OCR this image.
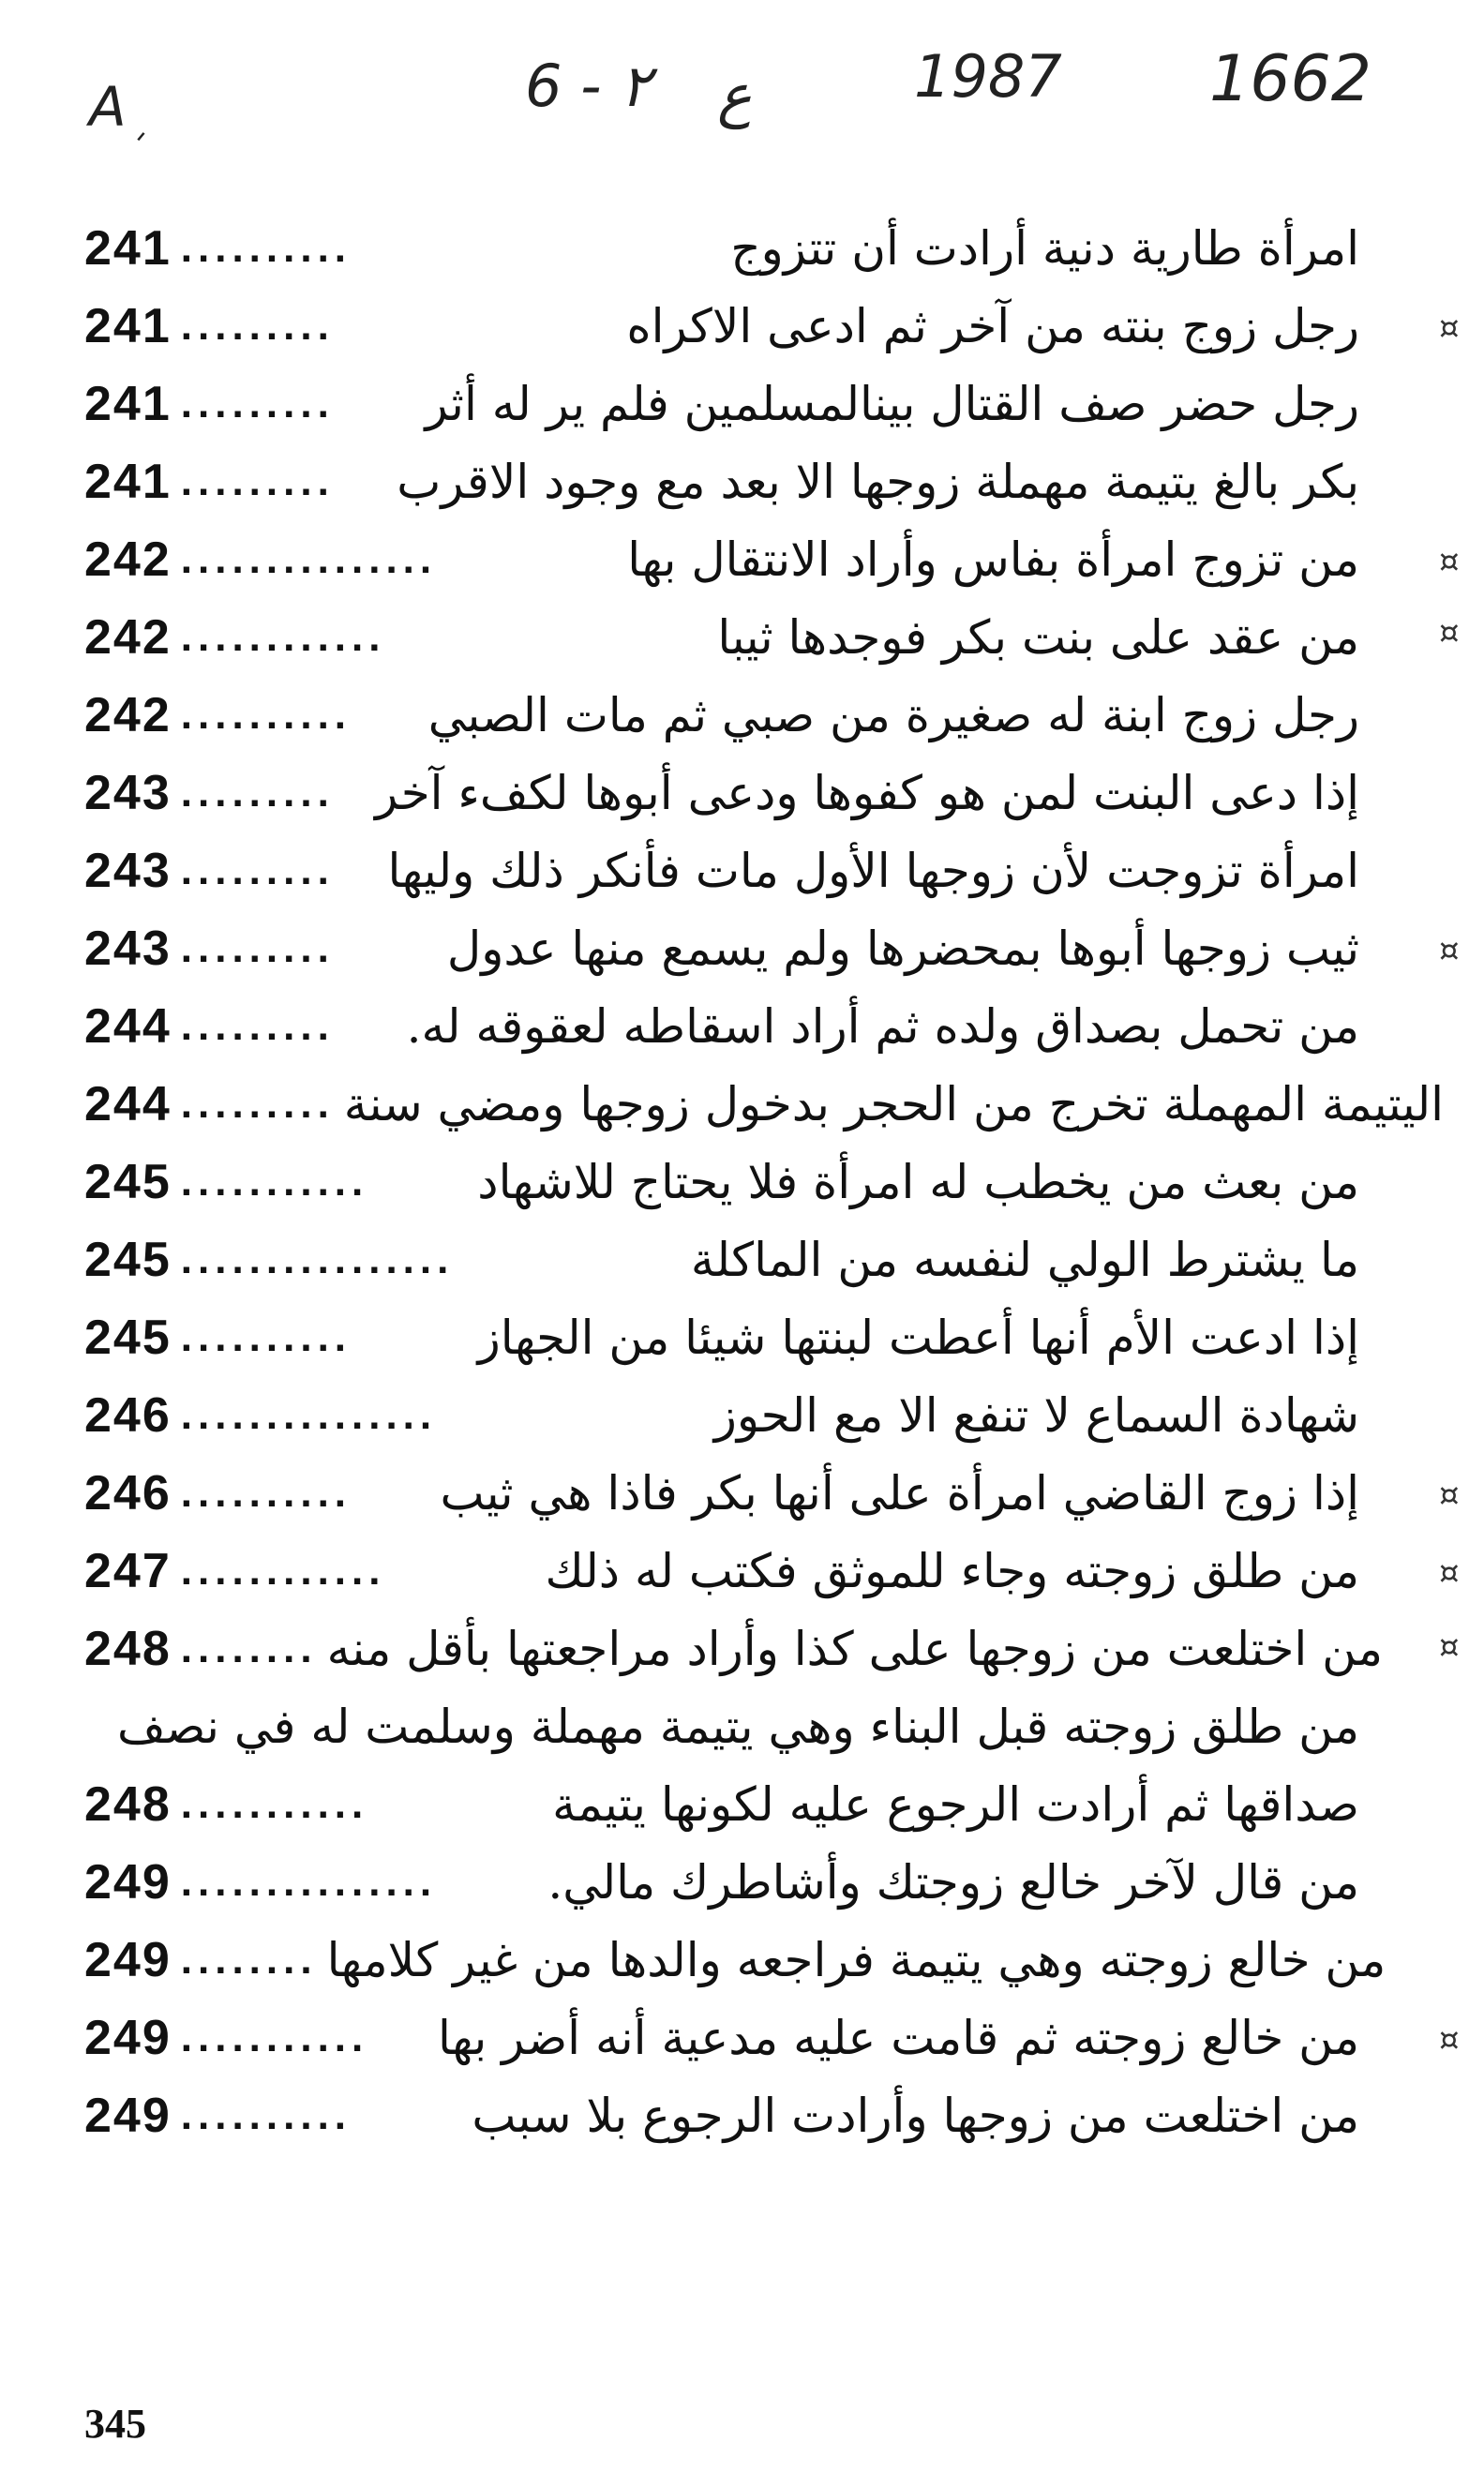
Aܼ	6 - ٢ ع	1987 1662
241 ..........	امرأة طارية دنية أرادت أن تتزوج
241 .........	رجل زوج بنته من آخر ثم ادعى الاكراه
241 ......... رجل حضر صف القتال بينالمسلمين فلم ير له أثر
241 ......... بكر بالغ يتيمة مهملة زوجها الا بعد مع وجود الاقرب
242 ...............	من تزوج امرأة بفاس وأراد الانتقال بها
242 ............	من عقد على بنت بكر فوجدها ثيبا
242 .......... رجل زوج ابنة له صغيرة من صبي ثم مات الصبي
243 ......... إذا دعى البنت لمن هو كفوها ودعى أبوها لكفء آخر
243 ......... امرأة تزوجت لأن زوجها الأول مات فأنكر ذلك وليها
243 ......... ثيب زوجها أبوها بمحضرها ولم يسمع منها عدول
244 ......... من تحمل بصداق ولده ثم أراد اسقاطه لعقوقه له.
244 ......... اليتيمة المهملة تخرج من الحجر بدخول زوجها ومضي سنة
245 ........... من بعث من يخطب له امرأة فلا يحتاج للاشهاد
245 ................	ما يشترط الولي لنفسه من الماكلة
245 ..........	إذا ادعت الأم أنها أعطت لبنتها شيئا من الجهاز
246 ...............	شهادة السماع لا تنفع الا مع الحوز
246 .......... إذا زوج القاضي امرأة على أنها بكر فاذا هي ثيب
247 ............	من طلق زوجته وجاء للموثق فكتب له ذلك
248 ........ من اختلعت من زوجها على كذا وأراد مراجعتها بأقل منه
من طلق زوجته قبل البناء وهي يتيمة مهملة وسلمت له في نصف
248 ...........	صداقها ثم أرادت الرجوع عليه لكونها يتيمة
249 ............... من قال لآخر خالع زوجتك وأشاطرك مالي.
249 ........ من خالع زوجته وهي يتيمة فراجعه والدها من غير كلامها
249 ........... من خالع زوجته ثم قامت عليه مدعية أنه أضر بها
249 ..........	من اختلعت من زوجها وأرادت الرجوع بلا سبب
¤
¤
¤
¤
¤
¤
¤
¤
345
